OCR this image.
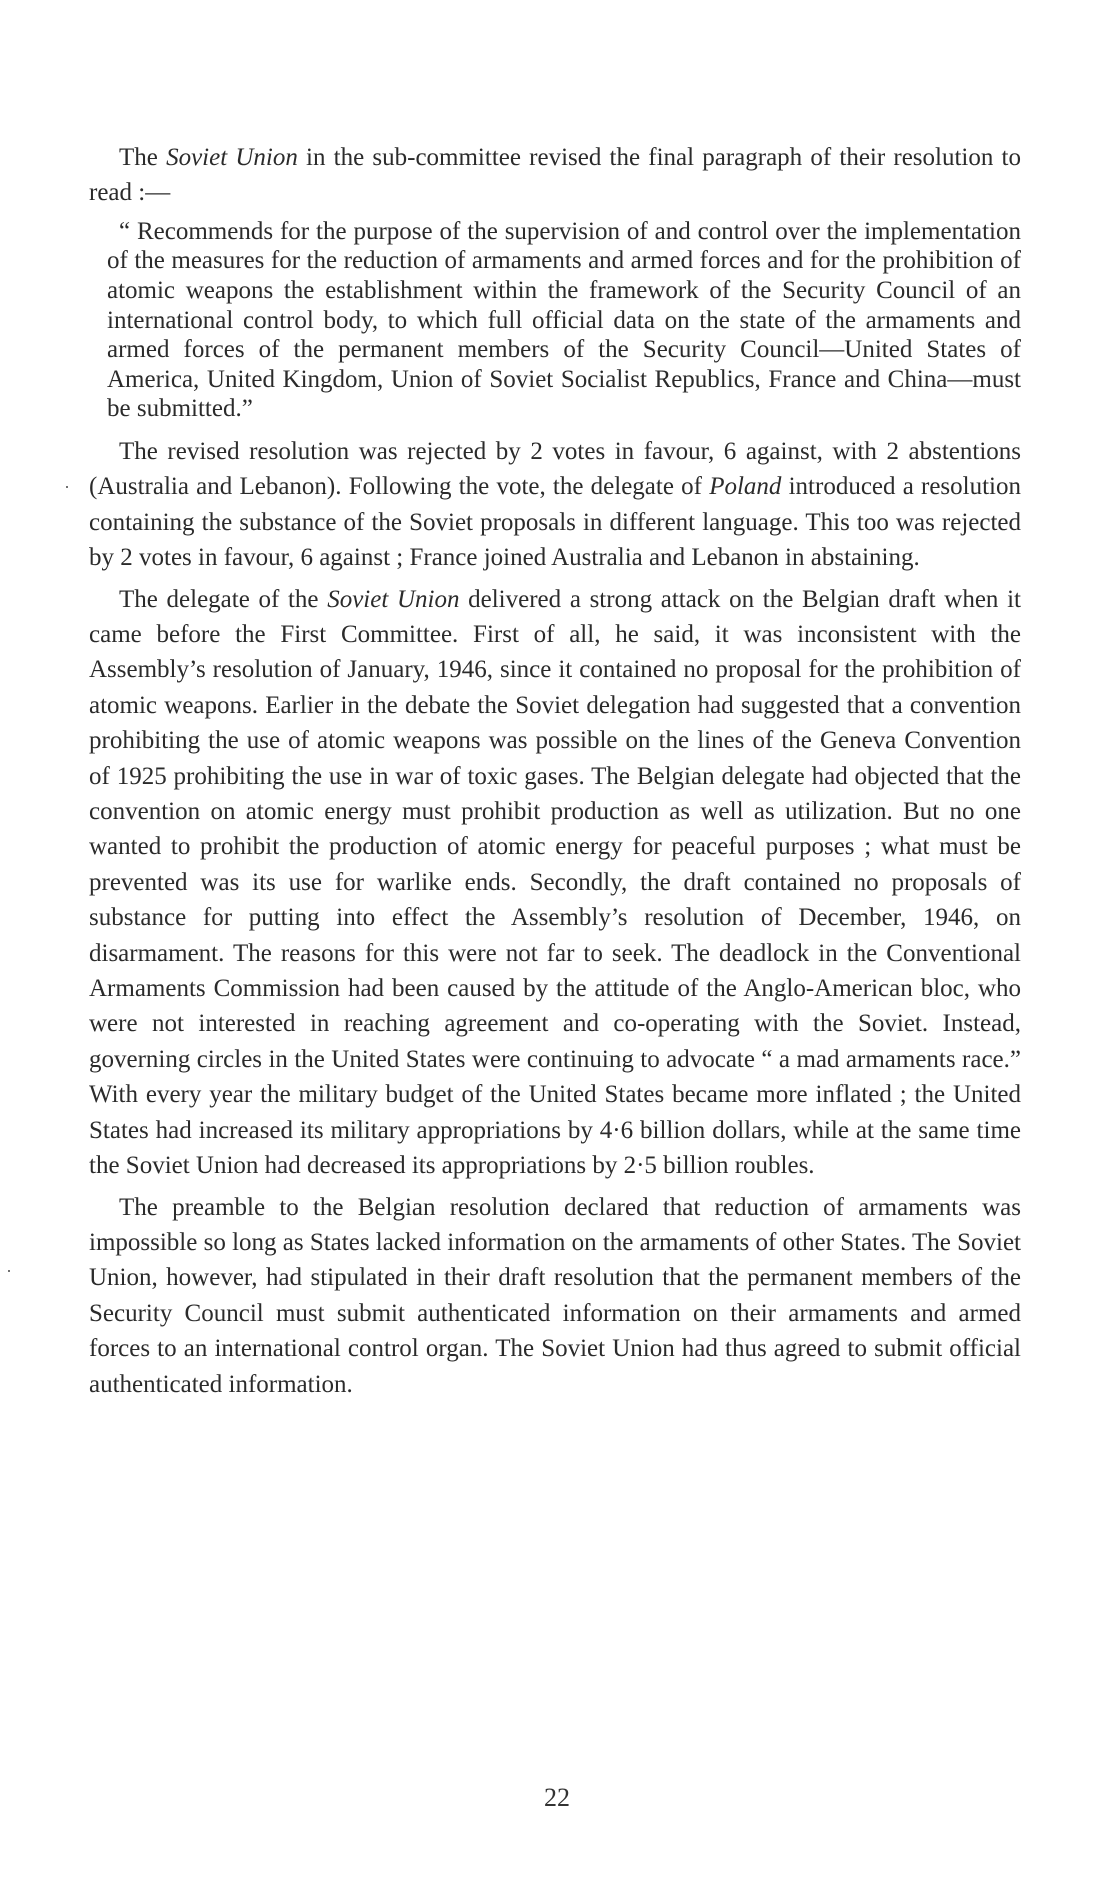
The Soviet Union in the sub-committee revised the final paragraph of their resolution to read :—

“ Recommends for the purpose of the supervision of and control over the implementation of the measures for the reduction of armaments and armed forces and for the prohibition of atomic weapons the establishment within the framework of the Security Council of an international control body, to which full official data on the state of the armaments and armed forces of the permanent members of the Security Council—United States of America, United Kingdom, Union of Soviet Socialist Republics, France and China—must be submitted.”

The revised resolution was rejected by 2 votes in favour, 6 against, with 2 abstentions (Australia and Lebanon). Following the vote, the delegate of Poland introduced a resolution containing the substance of the Soviet proposals in different language. This too was rejected by 2 votes in favour, 6 against ; France joined Australia and Lebanon in abstaining.

The delegate of the Soviet Union delivered a strong attack on the Belgian draft when it came before the First Committee. First of all, he said, it was inconsistent with the Assembly’s resolution of January, 1946, since it contained no proposal for the prohibition of atomic weapons. Earlier in the debate the Soviet delegation had suggested that a convention prohibiting the use of atomic weapons was possible on the lines of the Geneva Convention of 1925 prohibiting the use in war of toxic gases. The Belgian delegate had objected that the convention on atomic energy must prohibit production as well as utilization. But no one wanted to prohibit the production of atomic energy for peaceful purposes ; what must be prevented was its use for warlike ends. Secondly, the draft contained no proposals of substance for putting into effect the Assembly’s resolution of December, 1946, on disarmament. The reasons for this were not far to seek. The deadlock in the Conventional Armaments Commission had been caused by the attitude of the Anglo-American bloc, who were not interested in reaching agreement and co-operating with the Soviet. Instead, governing circles in the United States were continuing to advocate “ a mad armaments race.” With every year the military budget of the United States became more inflated ; the United States had increased its military appropriations by 4·6 billion dollars, while at the same time the Soviet Union had decreased its appropriations by 2·5 billion roubles.

The preamble to the Belgian resolution declared that reduction of armaments was impossible so long as States lacked information on the armaments of other States. The Soviet Union, however, had stipulated in their draft resolution that the permanent members of the Security Council must submit authenticated information on their armaments and armed forces to an international control organ. The Soviet Union had thus agreed to submit official authenticated information.

22
